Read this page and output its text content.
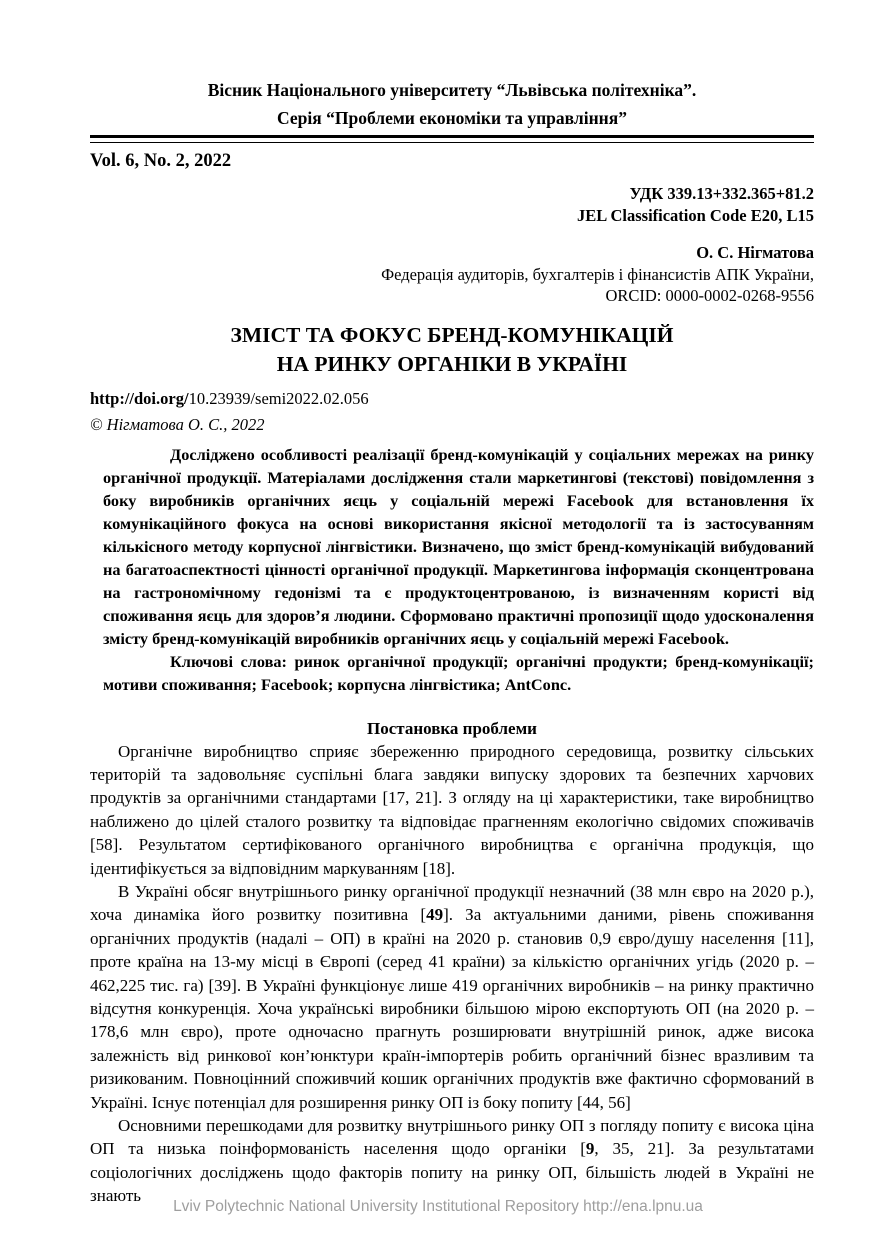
Вісник Національного університету “Львівська політехніка”.
Серія “Проблеми економіки та управління”
Vol. 6, No. 2, 2022
УДК 339.13+332.365+81.2
JEL Classification Code E20, L15
О. С. Нігматова
Федерація аудиторів, бухгалтерів і фінансистів АПК України,
ORCID: 0000-0002-0268-9556
ЗМІСТ ТА ФОКУС БРЕНД-КОМУНІКАЦІЙ
НА РИНКУ ОРГАНІКИ В УКРАЇНІ
http://doi.org/10.23939/semi2022.02.056
© Нігматова О. С., 2022

Досліджено особливості реалізації бренд-комунікацій у соціальних мережах на ринку органічної продукції. Матеріалами дослідження стали маркетингові (текстові) повідомлення з боку виробників органічних яєць у соціальній мережі Facebook для встановлення їх комунікаційного фокуса на основі використання якісної методології та із застосуванням кількісного методу корпусної лінгвістики. Визначено, що зміст бренд-комунікацій вибудований на багатоаспектності цінності органічної продукції. Маркетингова інформація сконцентрована на гастрономічному гедонізмі та є продуктоцентрованою, із визначенням користі від споживання яєць для здоров’я людини. Сформовано практичні пропозиції щодо удосконалення змісту бренд-комунікацій виробників органічних яєць у соціальній мережі Facebook.

Ключові слова: ринок органічної продукції; органічні продукти; бренд-комунікації; мотиви споживання; Facebook; корпусна лінгвістика; AntConc.

Постановка проблеми

Органічне виробництво сприяє збереженню природного середовища, розвитку сільських територій та задовольняє суспільні блага завдяки випуску здорових та безпечних харчових продуктів за органічними стандартами [17, 21]. З огляду на ці характеристики, таке виробництво наближено до цілей сталого розвитку та відповідає прагненням екологічно свідомих споживачів [58]. Результатом сертифікованого органічного виробництва є органічна продукція, що ідентифікується за відповідним маркуванням [18].

В Україні обсяг внутрішнього ринку органічної продукції незначний (38 млн євро на 2020 р.), хоча динаміка його розвитку позитивна [49]. За актуальними даними, рівень споживання органічних продуктів (надалі – ОП) в країні на 2020 р. становив 0,9 євро/душу населення [11], проте країна на 13-му місці в Європі (серед 41 країни) за кількістю органічних угідь (2020 р. – 462,225 тис. га) [39]. В Україні функціонує лише 419 органічних виробників – на ринку практично відсутня конкуренція. Хоча українські виробники більшою мірою експортують ОП (на 2020 р. – 178,6 млн євро), проте одночасно прагнуть розширювати внутрішній ринок, адже висока залежність від ринкової кон’юнктури країн-імпортерів робить органічний бізнес вразливим та ризикованим. Повноцінний споживчий кошик органічних продуктів вже фактично сформований в Україні. Існує потенціал для розширення ринку ОП із боку попиту [44, 56]

Основними перешкодами для розвитку внутрішнього ринку ОП з погляду попиту є висока ціна ОП та низька поінформованість населення щодо органіки [9, 35, 21]. За результатами соціологічних досліджень щодо факторів попиту на ринку ОП, більшість людей в Україні не знають

Lviv Polytechnic National University Institutional Repository http://ena.lpnu.ua
